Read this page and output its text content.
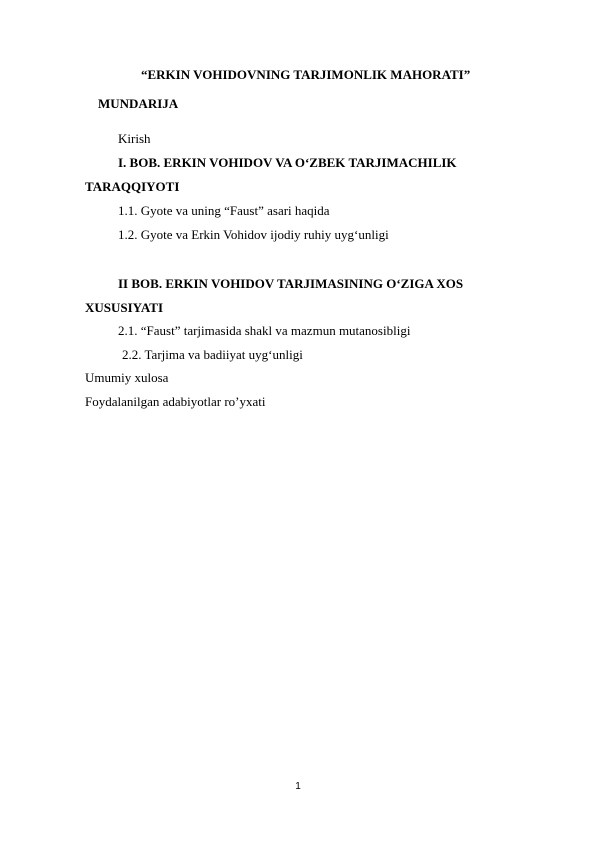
“ERKIN VOHIDOVNING TARJIMONLIK MAHORATI”
MUNDARIJA
Kirish
I. BOB. ERKIN VOHIDOV VA O‘ZBEK TARJIMACHILIK
TARAQQIYOTI
1.1. Gyote va uning “Faust” asari haqida
1.2. Gyote va Erkin Vohidov ijodiy ruhiy uyg‘unligi
II BOB. ERKIN VOHIDOV TARJIMASINING O‘ZIGA XOS
XUSUSIYATI
2.1. “Faust” tarjimasida shakl va mazmun mutanosibligi
2.2. Tarjima va badiiyat uyg‘unligi
Umumiy xulosa
Foydalanilgan adabiyotlar ro’yxati
1
